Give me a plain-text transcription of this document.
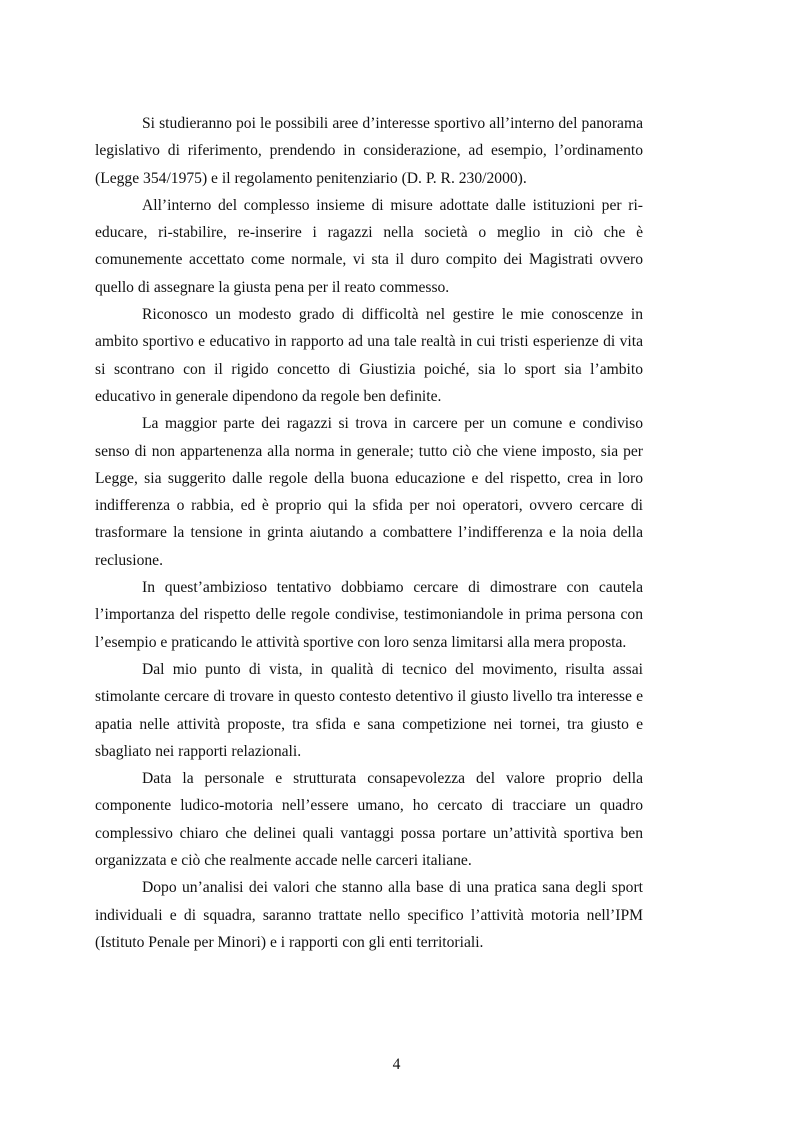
Si studieranno poi le possibili aree d’interesse sportivo all’interno del panorama legislativo di riferimento, prendendo in considerazione, ad esempio, l’ordinamento (Legge 354/1975) e il regolamento penitenziario (D. P. R. 230/2000).

All’interno del complesso insieme di misure adottate dalle istituzioni per ri-educare, ri-stabilire, re-inserire i ragazzi nella società o meglio in ciò che è comunemente accettato come normale, vi sta il duro compito dei Magistrati ovvero quello di assegnare la giusta pena per il reato commesso.

Riconosco un modesto grado di difficoltà nel gestire le mie conoscenze in ambito sportivo e educativo in rapporto ad una tale realtà in cui tristi esperienze di vita si scontrano con il rigido concetto di Giustizia poiché, sia lo sport sia l’ambito educativo in generale dipendono da regole ben definite.

La maggior parte dei ragazzi si trova in carcere per un comune e condiviso senso di non appartenenza alla norma in generale; tutto ciò che viene imposto, sia per Legge, sia suggerito dalle regole della buona educazione e del rispetto, crea in loro indifferenza o rabbia, ed è proprio qui la sfida per noi operatori, ovvero cercare di trasformare la tensione in grinta aiutando a combattere l’indifferenza e la noia della reclusione.

In quest’ambizioso tentativo dobbiamo cercare di dimostrare con cautela l’importanza del rispetto delle regole condivise, testimoniandole in prima persona con l’esempio e praticando le attività sportive con loro senza limitarsi alla mera proposta.

Dal mio punto di vista, in qualità di tecnico del movimento, risulta assai stimolante cercare di trovare in questo contesto detentivo il giusto livello tra interesse e apatia nelle attività proposte, tra sfida e sana competizione nei tornei, tra giusto e sbagliato nei rapporti relazionali.

Data la personale e strutturata consapevolezza del valore proprio della componente ludico-motoria nell’essere umano, ho cercato di tracciare un quadro complessivo chiaro che delinei quali vantaggi possa portare un’attività sportiva ben organizzata e ciò che realmente accade nelle carceri italiane.

Dopo un’analisi dei valori che stanno alla base di una pratica sana degli sport individuali e di squadra, saranno trattate nello specifico l’attività motoria nell’IPM (Istituto Penale per Minori) e i rapporti con gli enti territoriali.

4
